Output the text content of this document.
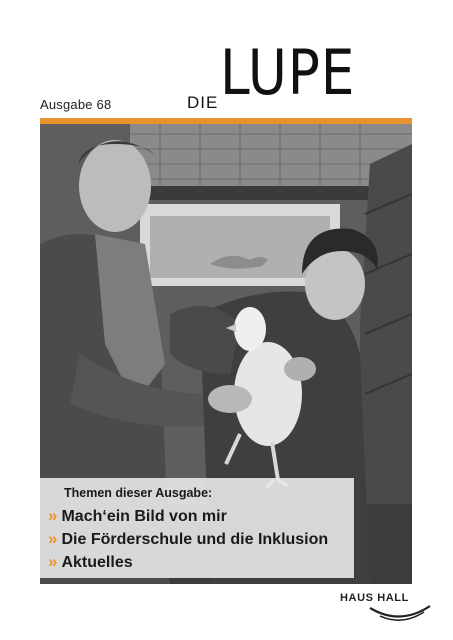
Ausgabe 68	DIE LUPE
Themen dieser Ausgabe:
» Mach‘ein Bild von mir
» Die Förderschule und die Inklusion
» Aktuelles
HAUS HALL
